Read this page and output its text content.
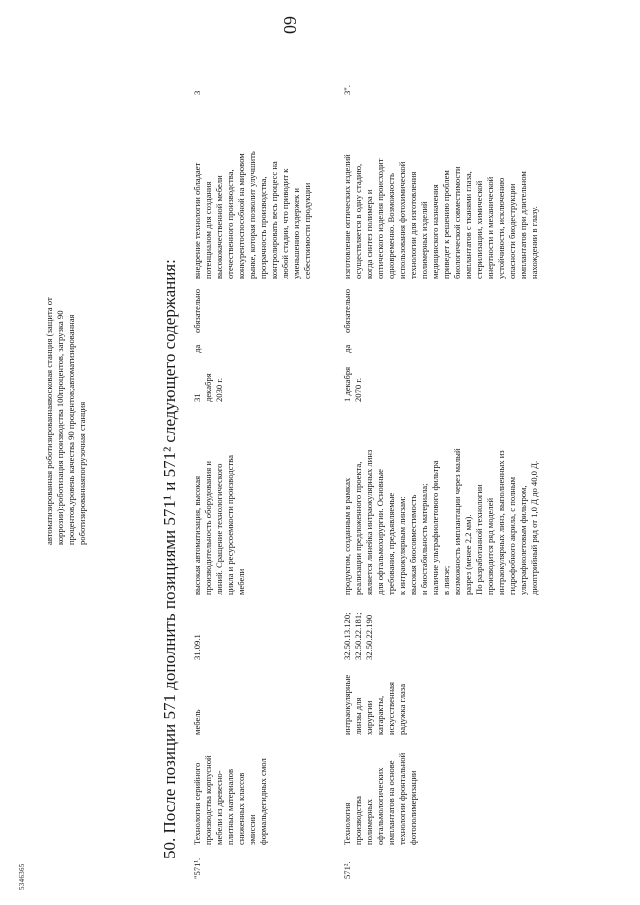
60
5346365
автоматизированная роботизированнаявосковая станция (защита от коррозии):роботизация производства 100процентов, загрузка 90 процентов,уровень качества 90 процентов;автоматизированная роботизированнаяпогрузочная станция	50. После позиции 571 дополнить позициями 571¹ и 571² следующего содержания:
"571¹.
Технология серийного производства корпусной мебели из древесно- плитных материалов сниженных классов эмиссии формальдегидных смол
мебель
31.09.1
высокая автоматизация, высокая производительность оборудования и линий. Сращение технологического цикла и ресурсоемкости производства мебели
31 декабря 2030 г.
да
обязательно
внедрение технологии обладает потенциалом для создания высококачественной мебели отечественного производства, конкурентоспособной на мировом рынке, которая позволит улучшить прозрачность производства, контролировать весь процесс на любой стадии, что приводит к уменьшению издержек и себестоимости продукции
3
571².
Технология производства полимерных офтальмологических имплантатов на основе технологии фронтальной фотополимеризации
интраокулярные линзы для хирургии катаракты, искусственная радужка глаза
32.50.13.120; 32.50.22.181; 32.50.22.190
продуктом, созданным в рамках реализации предложенного проекта, является линейка интраокулярных линз для офтальмохирургии. Основные требования, предъявляемые к интраокулярным линзам: высокая биосовместимость и биостабильность материала; наличие ультрафиолетового фильтра в линзе; возможность имплантации через малый разрез (менее 2,2 мм). По разработанной технологии производится ряд моделей интраокулярных линз, выполненных из гидрофобного акрила, с полным ультрафиолетовым фильтром, диоптрийный ряд от 1,0 Д до 40,0 Д.
1 декабря 2070 г.
да
обязательно
изготовление оптических изделий осуществляется в одну стадию, когда синтез полимера и оптического изделия происходит одновременно. Возможность использования фотохимической технологии для изготовления полимерных изделий медицинского назначения приведет к решению проблем биологической совместимости имплантатов с тканями глаза, стерилизации, химической инертности и механической устойчивости, исключению опасности биодеструкции имплантатов при длительном нахождении в глазу.
3".
